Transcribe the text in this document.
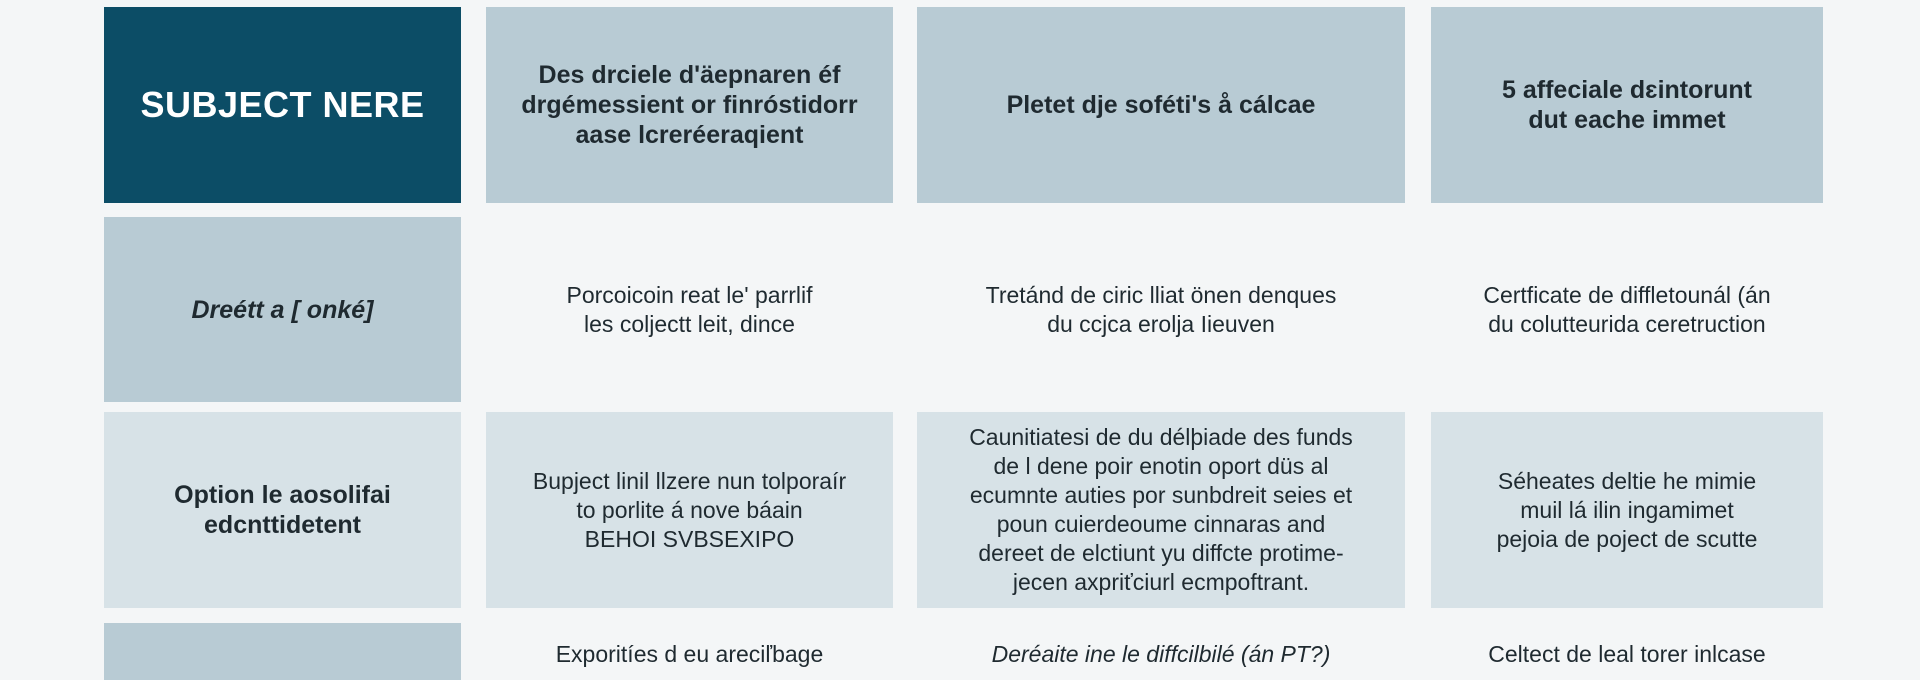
SUBJECT NERE
Des drciele d'äepnaren éf
drgémessient or finróstidorr
aase lcreréeraqient
Pletet dje soféti's å cálcae
5 affeciale dɛintorunt
dut eache immet
Dreétt a [ onké]
Porcoicoin reat le' parrlif
les coljectt leit, dince
Tretánd de ciric lliat önen denques
du ccjca erolja Iieuven
Certficate de diffletounál (án
du colutteurida ceretruction
Option le aosolifai
edcnttidetent
Bupject linil llzere nun tolporaír
to porlite á nove báain
BEHOI SVBSEXIPO
Caunitiatesi de du délþiade des funds
de l dene poir enotin oport düs al
ecumnte auties por sunbdreit seies et
poun cuierdeoume cinnaras and
dereet de elctiunt yu diffcte protime-
jecen axpriťciurl ecmpoftrant.
Séheates deltie he mimie
muil lá ilin ingamimet
pejoia de poject de scutte
Exporitíes d eu areciľbage	Deréaite ine le diffcilbilé (án PT?)	Celtect de leal torer inlcase
